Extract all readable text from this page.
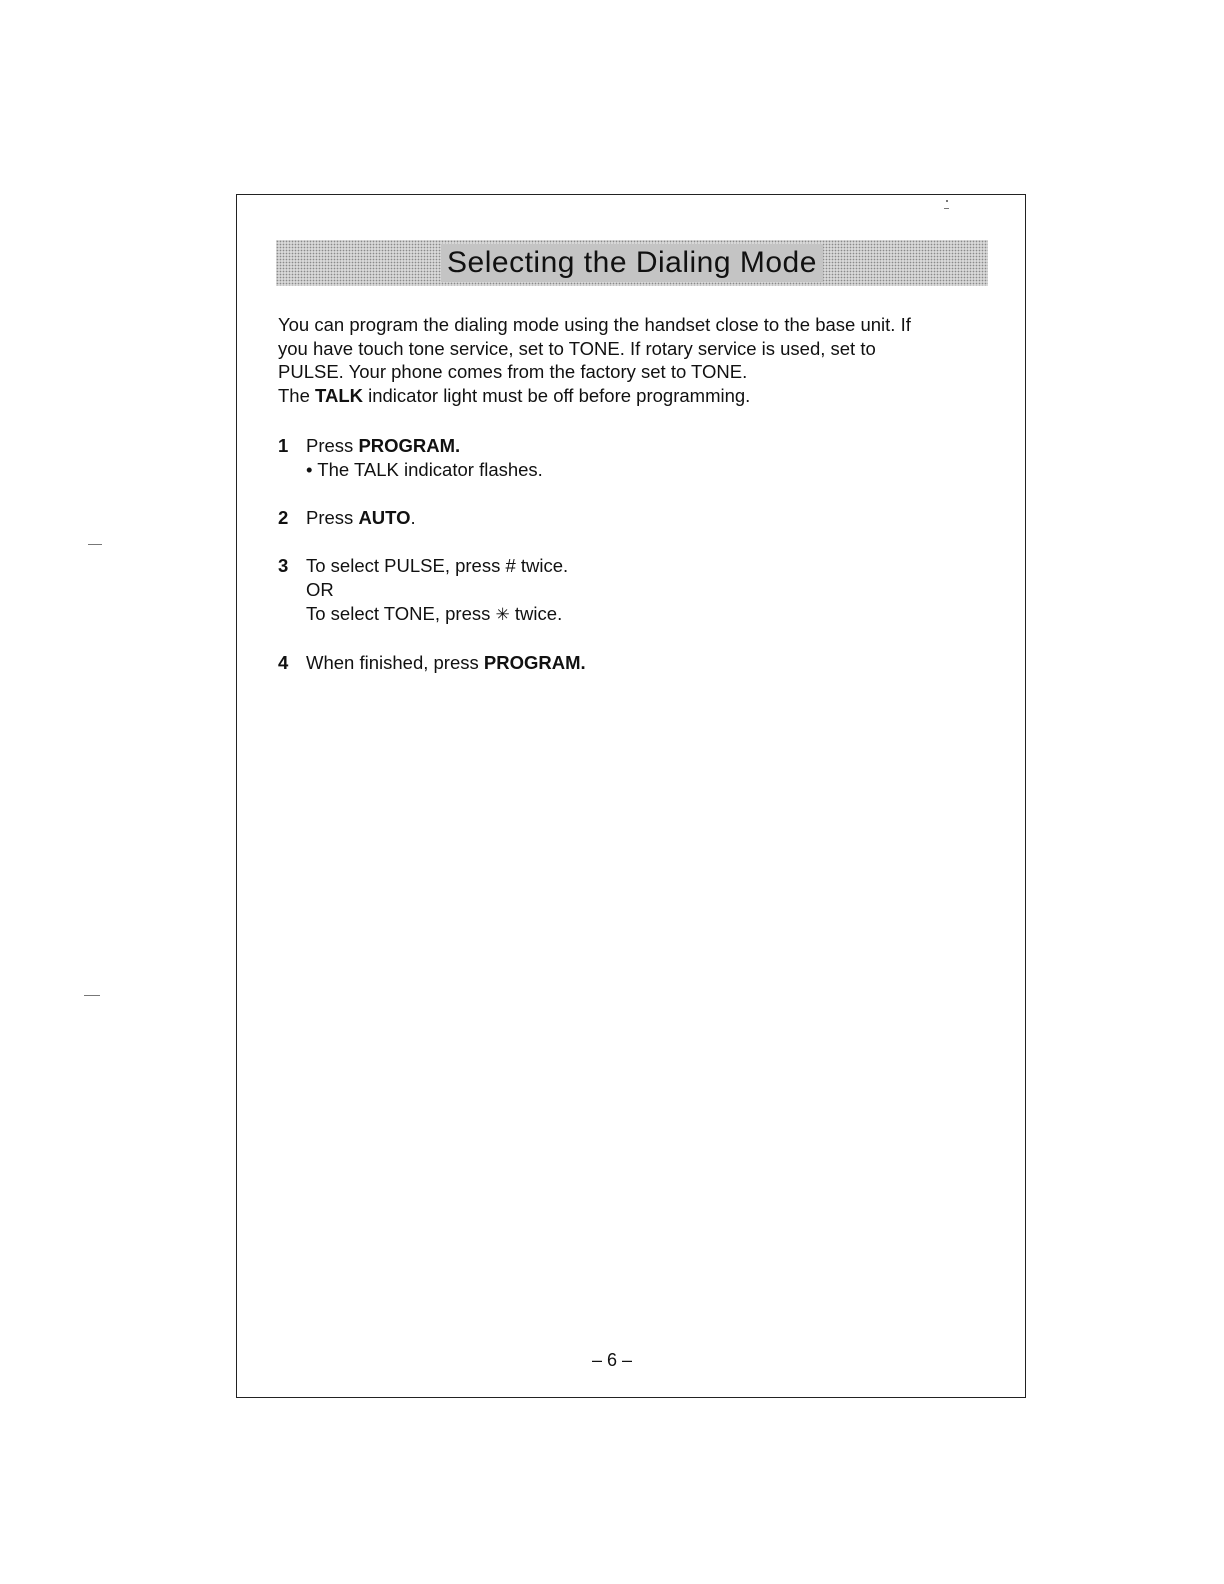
Selecting the Dialing Mode

You can program the dialing mode using the handset close to the base unit. If

you have touch tone service, set to TONE. If rotary service is used, set to

PULSE. Your phone comes from the factory set to TONE.

The TALK indicator light must be off before programming.

1 Press PROGRAM.
• The TALK indicator flashes.
2 Press AUTO.
3 To select PULSE, press # twice.
OR
To select TONE, press ✳ twice.
4 When finished, press PROGRAM.
– 6 –
